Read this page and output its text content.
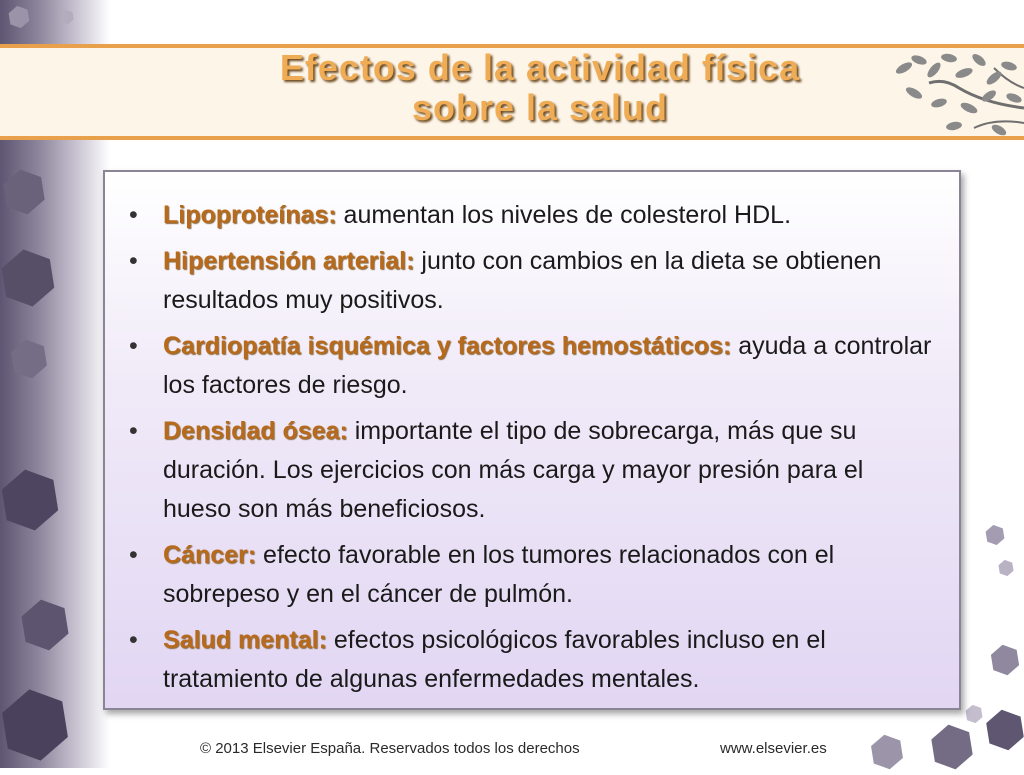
Efectos de la actividad física
sobre la salud
• Lipoproteínas: aumentan los niveles de colesterol HDL.
• Hipertensión arterial: junto con cambios en la dieta se obtienen resultados muy positivos.
• Cardiopatía isquémica y factores hemostáticos: ayuda a controlar los factores de riesgo.
• Densidad ósea: importante el tipo de sobrecarga, más que su duración. Los ejercicios con más carga y mayor presión para el hueso son más beneficiosos.
• Cáncer: efecto favorable en los tumores relacionados con el sobrepeso y en el cáncer de pulmón.
• Salud mental: efectos psicológicos favorables incluso en el tratamiento de algunas enfermedades mentales.
© 2013 Elsevier España. Reservados todos los derechos	www.elsevier.es
